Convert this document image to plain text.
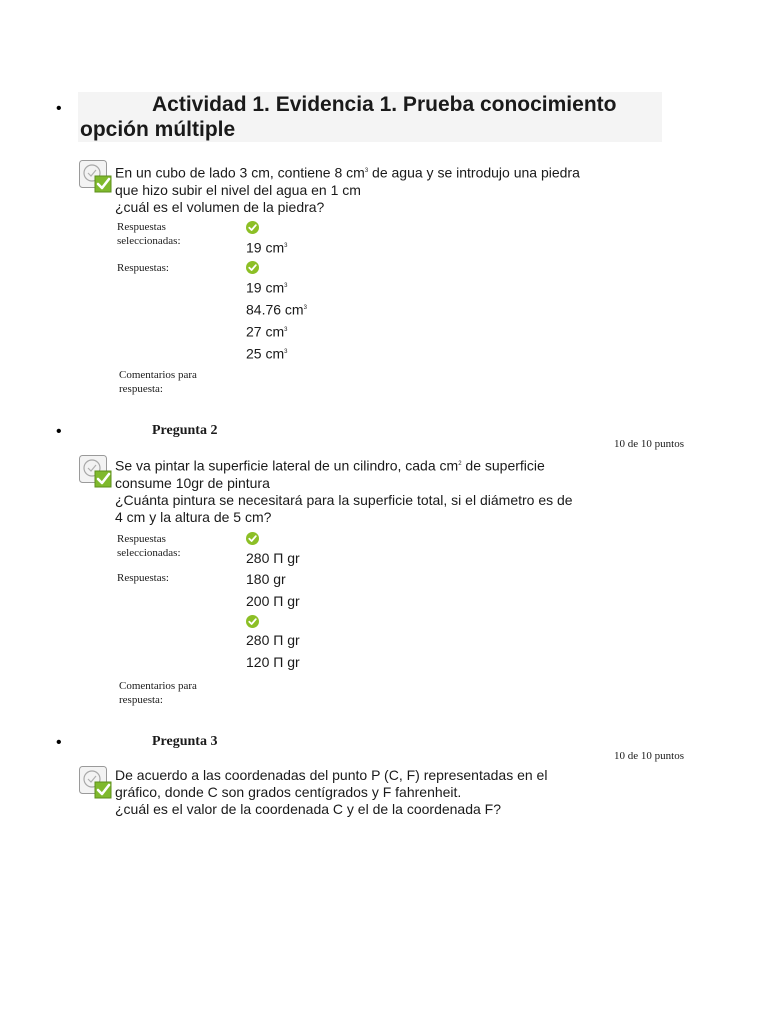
•	Actividad 1. Evidencia 1. Prueba conocimiento opción múltiple
En un cubo de lado 3 cm, contiene 8 $cm^3$ de agua y se introdujo una piedra
que hizo subir el nivel del agua en 1 cm
¿cuál es el volumen de la piedra?
Respuestas seleccionadas:	19 $cm^3$
Respuestas:
19 $cm^3$
84.76 $cm^3$
27 $cm^3$
25 $cm^3$
Comentarios para respuesta:
•	Pregunta 2
10 de 10 puntos
Se va pintar la superficie lateral de un cilindro, cada $cm^2$ de superficie
consume 10gr de pintura
¿Cuánta pintura se necesitará para la superficie total, si el diámetro es de
4 cm y la altura de 5 cm?
Respuestas seleccionadas:	280 Π gr
Respuestas:	180 gr
200 Π gr
280 Π gr
120 Π gr
Comentarios para respuesta:
•	Pregunta 3
10 de 10 puntos
De acuerdo a las coordenadas del punto P (C, F) representadas en el
gráfico, donde C son grados centígrados y F fahrenheit.
¿cuál es el valor de la coordenada C y el de la coordenada F?
